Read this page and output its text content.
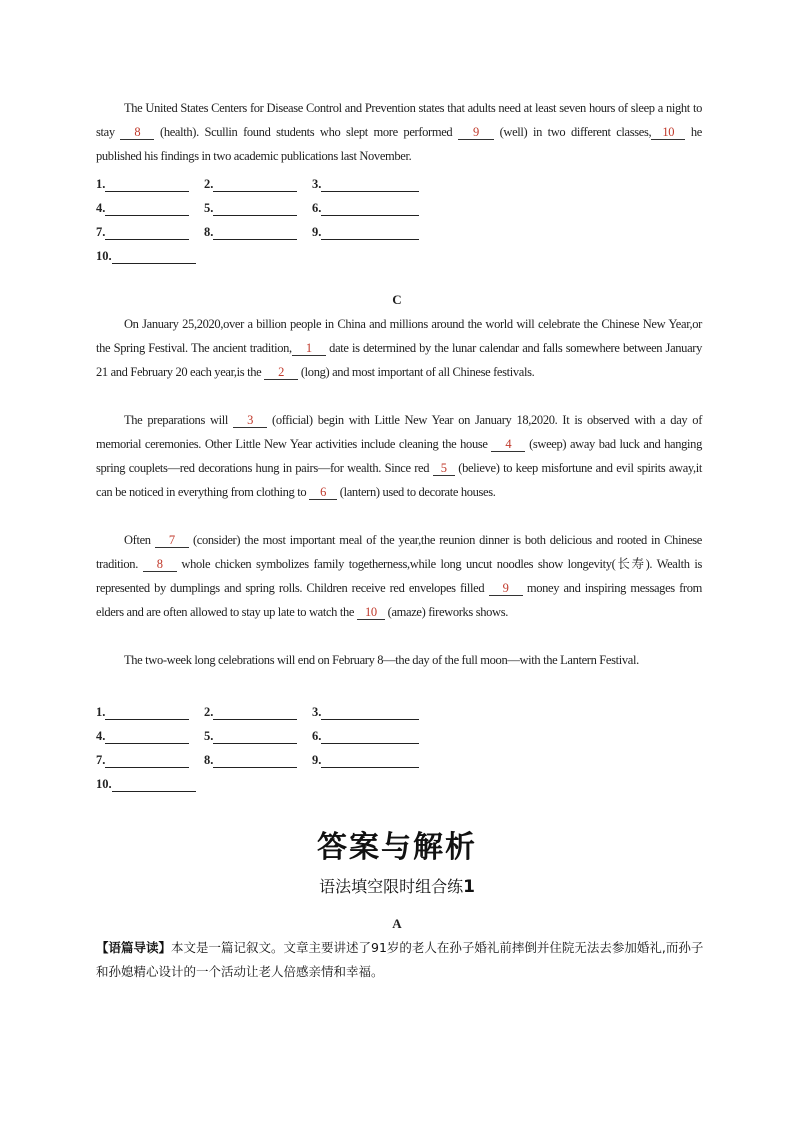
The United States Centers for Disease Control and Prevention states that adults need at least seven hours of sleep a night to stay 8 (health). Scullin found students who slept more performed 9 (well) in two different classes, 10 he published his findings in two academic publications last November.
1.	2.	3.
4.	5.	6.
7.	8.	9.
10.
C
On January 25,2020,over a billion people in China and millions around the world will celebrate the Chinese New Year,or the Spring Festival. The ancient tradition, 1 date is determined by the lunar calendar and falls somewhere between January 21 and February 20 each year,is the 2 (long) and most important of all Chinese festivals.
The preparations will 3 (official) begin with Little New Year on January 18,2020. It is observed with a day of memorial ceremonies. Other Little New Year activities include cleaning the house 4 (sweep) away bad luck and hanging spring couplets—red decorations hung in pairs—for wealth. Since red 5 (believe) to keep misfortune and evil spirits away,it can be noticed in everything from clothing to 6 (lantern) used to decorate houses.
Often 7 (consider) the most important meal of the year,the reunion dinner is both delicious and rooted in Chinese tradition. 8 whole chicken symbolizes family togetherness,while long uncut noodles show longevity(长寿). Wealth is represented by dumplings and spring rolls. Children receive red envelopes filled 9 money and inspiring messages from elders and are often allowed to stay up late to watch the 10 (amaze) fireworks shows.
The two-week long celebrations will end on February 8—the day of the full moon—with the Lantern Festival.
1.	2.	3.
4.	5.	6.
7.	8.	9.
10.
答案与解析
语法填空限时组合练1
A
【语篇导读】本文是一篇记叙文。文章主要讲述了91岁的老人在孙子婚礼前摔倒并住院无法去参加婚礼,而孙子和孙媳精心设计的一个活动让老人倍感亲情和幸福。
